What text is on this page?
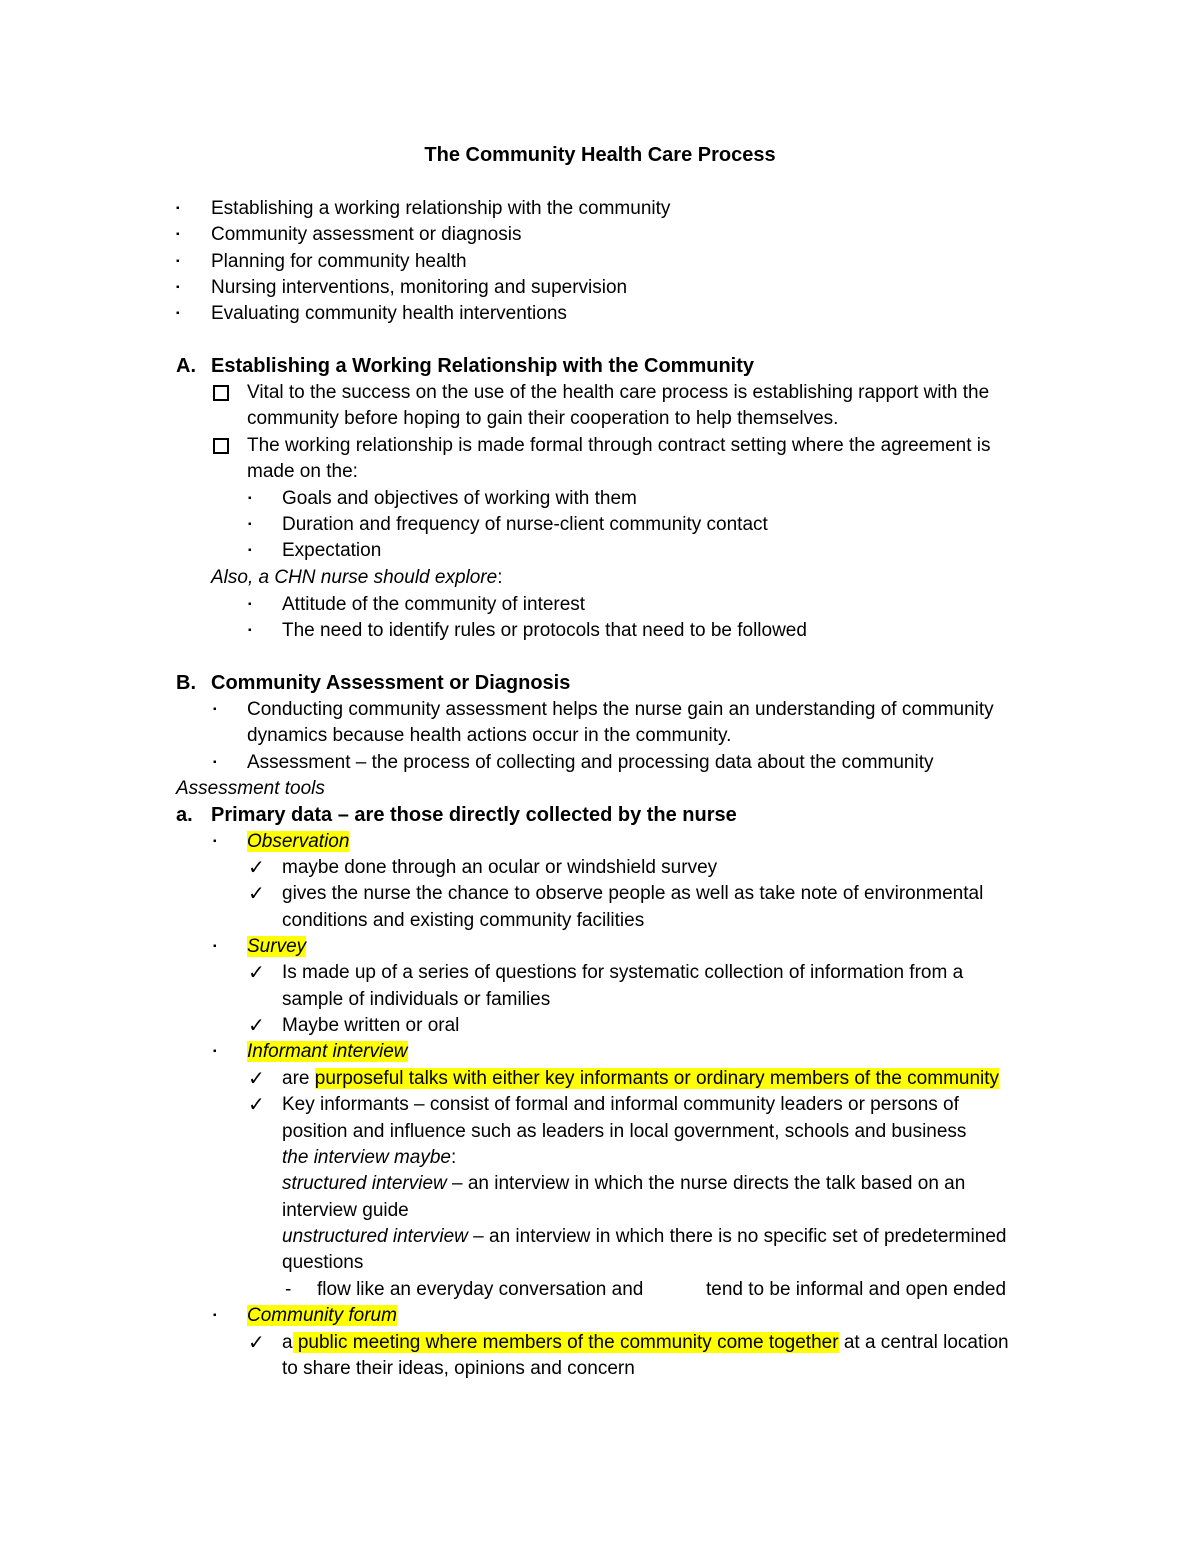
The Community Health Care Process
▪ Establishing a working relationship with the community
▪ Community assessment or diagnosis
▪ Planning for community health
▪ Nursing interventions, monitoring and supervision
▪ Evaluating community health interventions
A. Establishing a Working Relationship with the Community
Vital to the success on the use of the health care process is establishing rapport with the
community before hoping to gain their cooperation to help themselves.
The working relationship is made formal through contract setting where the agreement is
made on the:
▪ Goals and objectives of working with them
▪ Duration and frequency of nurse-client community contact
▪ Expectation
Also, a CHN nurse should explore:
▪ Attitude of the community of interest
▪ The need to identify rules or protocols that need to be followed
B. Community Assessment or Diagnosis
▪ Conducting community assessment helps the nurse gain an understanding of community
dynamics because health actions occur in the community.
▪ Assessment – the process of collecting and processing data about the community
Assessment tools
a. Primary data – are those directly collected by the nurse
▪ Observation
✓ maybe done through an ocular or windshield survey
✓ gives the nurse the chance to observe people as well as take note of environmental
conditions and existing community facilities
▪ Survey
✓ Is made up of a series of questions for systematic collection of information from a
sample of individuals or families
✓ Maybe written or oral
▪ Informant interview
✓ are purposeful talks with either key informants or ordinary members of the community
✓ Key informants – consist of formal and informal community leaders or persons of
position and influence such as leaders in local government, schools and business
the interview maybe:
structured interview – an interview in which the nurse directs the talk based on an
interview guide
unstructured interview – an interview in which there is no specific set of predetermined
questions
- flow like an everyday conversation and	tend to be informal and open ended
▪ Community forum
✓ a public meeting where members of the community come together at a central location
to share their ideas, opinions and concern
